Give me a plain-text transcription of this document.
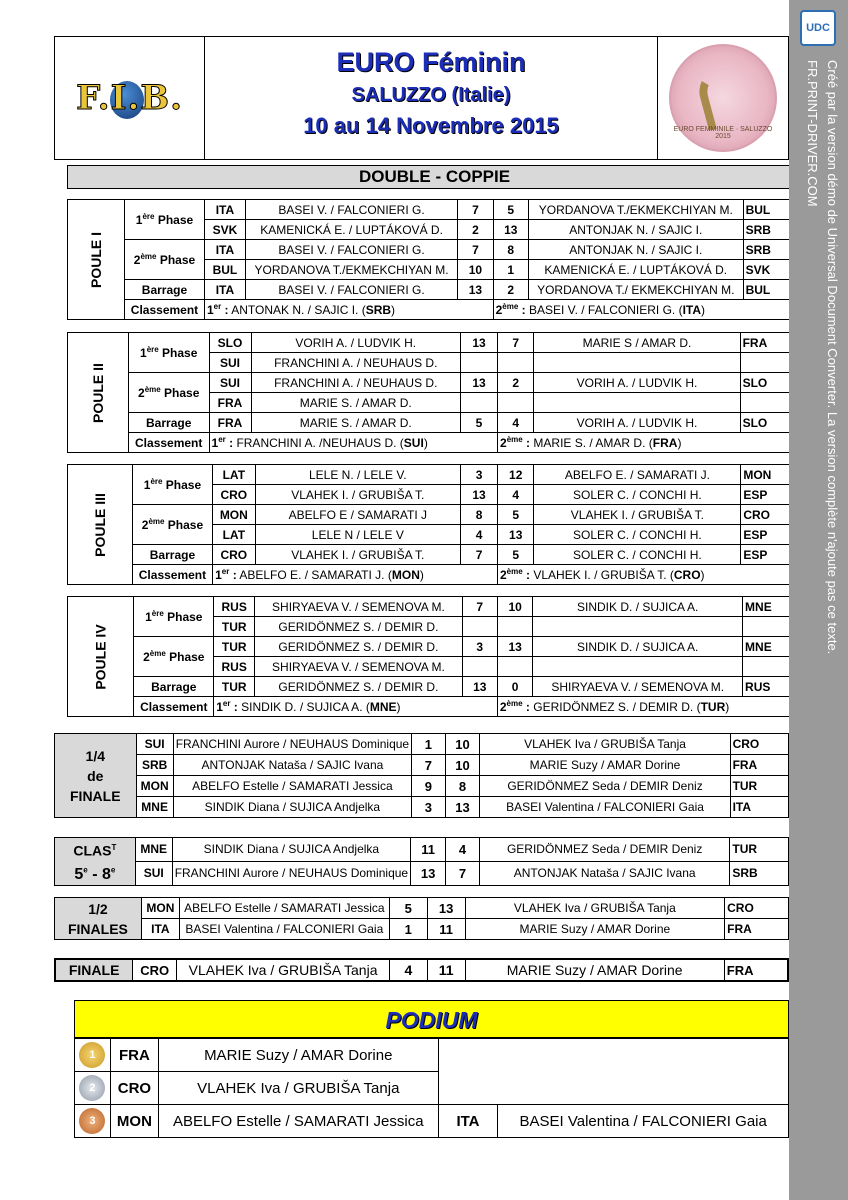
F.I.B.
EURO Féminin
SALUZZO (Italie)
10 au 14 Novembre 2015	EURO FEMMINILE · SALUZZO 2015
DOUBLE - COPPIE
POULE I	1ère Phase	ITA	BASEI V. / FALCONIERI G.	7	5	YORDANOVA T./EKMEKCHIYAN M.	BUL
		SVK	KAMENICKÁ E. / LUPTÁKOVÁ D.	2	13	ANTONJAK N. / SAJIC I.	SRB
	2ème Phase	ITA	BASEI V. / FALCONIERI G.	7	8	ANTONJAK N. / SAJIC I.	SRB
		BUL	YORDANOVA T./EKMEKCHIYAN M.	10	1	KAMENICKÁ E. / LUPTÁKOVÁ D.	SVK
	Barrage	ITA	BASEI V. / FALCONIERI G.	13	2	YORDANOVA T./ EKMEKCHIYAN M.	BUL
	Classement	1er : ANTONAK N. / SAJIC I. (SRB)			2ème : BASEI V. / FALCONIERI G. (ITA)		
POULE II	1ère Phase	SLO	VORIH A. / LUDVIK H.	13	7	MARIE S / AMAR D.	FRA
		SUI	FRANCHINI A. / NEUHAUS D.				
	2ème Phase	SUI	FRANCHINI A. / NEUHAUS D.	13	2	VORIH A. / LUDVIK H.	SLO
		FRA	MARIE S. / AMAR D.				
	Barrage	FRA	MARIE S. / AMAR D.	5	4	VORIH A. / LUDVIK H.	SLO
	Classement	1er : FRANCHINI A. /NEUHAUS D. (SUI)			2ème : MARIE S. / AMAR D. (FRA)		
POULE III	1ère Phase	LAT	LELE N. / LELE V.	3	12	ABELFO E. / SAMARATI J.	MON
		CRO	VLAHEK I. / GRUBIŠA T.	13	4	SOLER C. / CONCHI H.	ESP
	2ème Phase	MON	ABELFO E / SAMARATI J	8	5	VLAHEK I. / GRUBIŠA T.	CRO
		LAT	LELE N / LELE V	4	13	SOLER C. / CONCHI H.	ESP
	Barrage	CRO	VLAHEK I. / GRUBIŠA T.	7	5	SOLER C. / CONCHI H.	ESP
	Classement	1er : ABELFO E. / SAMARATI J. (MON)			2ème : VLAHEK I. / GRUBIŠA T. (CRO)		
POULE IV	1ère Phase	RUS	SHIRYAEVA V. / SEMENOVA M.	7	10	SINDIK D. / SUJICA A.	MNE
		TUR	GERIDÖNMEZ S. / DEMIR D.				
	2ème Phase	TUR	GERIDÖNMEZ S. / DEMIR D.	3	13	SINDIK D. / SUJICA A.	MNE
		RUS	SHIRYAEVA V. / SEMENOVA M.				
	Barrage	TUR	GERIDÖNMEZ S. / DEMIR D.	13	0	SHIRYAEVA V. / SEMENOVA M.	RUS
	Classement	1er : SINDIK D. / SUJICA A. (MNE)			2ème : GERIDÖNMEZ S. / DEMIR D. (TUR)		
1/4
de
FINALE	SUI	FRANCHINI Aurore / NEUHAUS Dominique	1	10	VLAHEK Iva / GRUBIŠA Tanja	CRO
	SRB	ANTONJAK Nataša / SAJIC Ivana	7	10	MARIE Suzy / AMAR Dorine	FRA
	MON	ABELFO Estelle / SAMARATI Jessica	9	8	GERIDÖNMEZ Seda / DEMIR Deniz	TUR
	MNE	SINDIK Diana / SUJICA Andjelka	3	13	BASEI Valentina / FALCONIERI Gaia	ITA
$CLAS^T$
5e - 8e	MNE	SINDIK Diana / SUJICA Andjelka	11	4	GERIDÖNMEZ Seda / DEMIR Deniz	TUR
	SUI	FRANCHINI Aurore / NEUHAUS Dominique	13	7	ANTONJAK Nataša / SAJIC Ivana	SRB
1/2
FINALES	MON	ABELFO Estelle / SAMARATI Jessica	5	13	VLAHEK Iva / GRUBIŠA Tanja	CRO
	ITA	BASEI Valentina / FALCONIERI Gaia	1	11	MARIE Suzy / AMAR Dorine	FRA
FINALE	CRO	VLAHEK Iva / GRUBIŠA Tanja	4	11	MARIE Suzy / AMAR Dorine	FRA
PODIUM
1	FRA	MARIE Suzy / AMAR Dorine		
2	CRO	VLAHEK Iva / GRUBIŠA Tanja		
3	MON	ABELFO Estelle / SAMARATI Jessica	ITA	BASEI Valentina / FALCONIERI Gaia
UDC
Créé par la version démo de Universal Document Converter. La version complète n'ajoute pas ce texte.
FR.PRINT-DRIVER.COM
